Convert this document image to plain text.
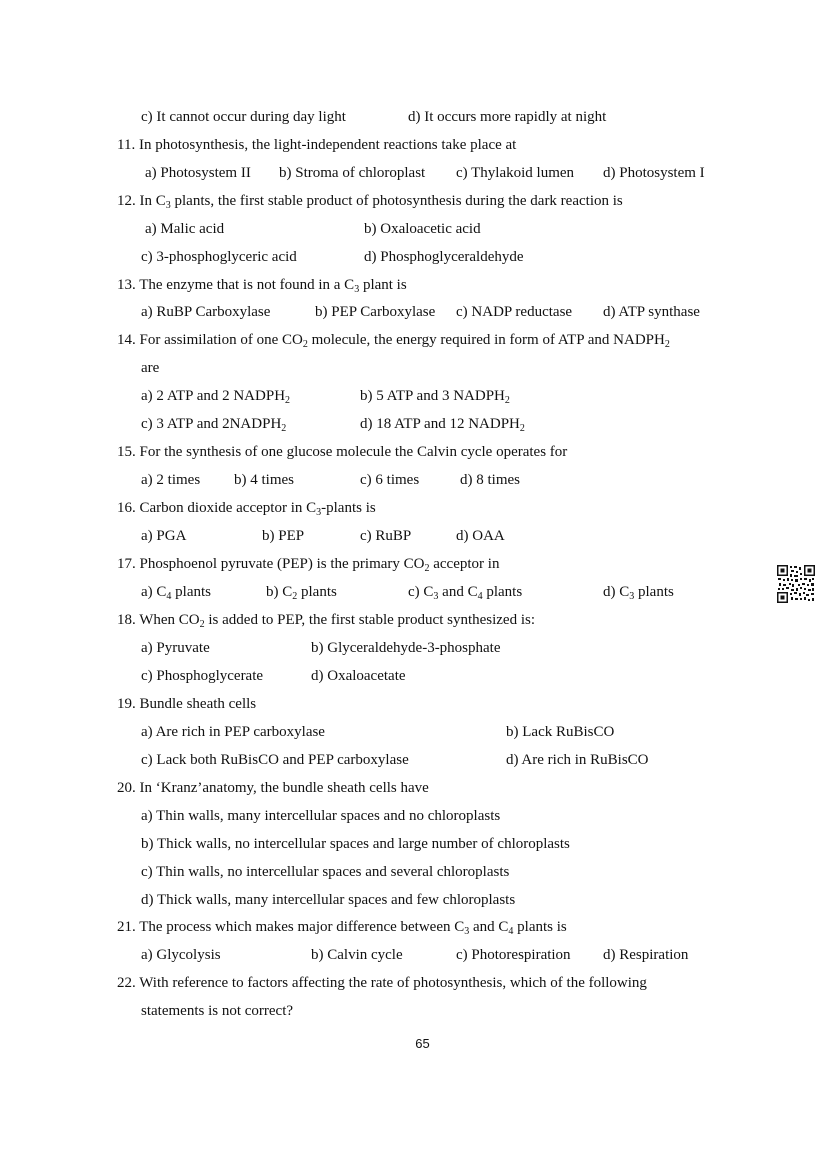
c) It cannot occur during day light	d) It occurs more rapidly at night
11. In photosynthesis, the light-independent reactions take place at
a) Photosystem II b) Stroma of chloroplast c) Thylakoid lumen d) Photosystem I
12. In $C_3$ plants, the first stable product of photosynthesis during the dark reaction is
a) Malic acid	b) Oxaloacetic acid
c) 3-phosphoglyceric acid	d) Phosphoglyceraldehyde
13. The enzyme that is not found in a $C_3$ plant is
a) RuBP Carboxylase	b) PEP Carboxylase c) NADP reductase d) ATP synthase
14. For assimilation of one $CO_2$ molecule, the energy required in form of ATP and $NADPH_2$
are
a) 2 ATP and 2 $NADPH_2$	b) 5 ATP and 3 $NADPH_2$
c) 3 ATP and $2NADPH_2$	d) 18 ATP and 12 $NADPH_2$
15. For the synthesis of one glucose molecule the Calvin cycle operates for
a) 2 times b) 4 times	c) 6 times	d) 8 times
16. Carbon dioxide acceptor in $C_3$-plants is
a) PGA	b) PEP	c) RuBP	d) OAA
17. Phosphoenol pyruvate (PEP) is the primary $CO_2$ acceptor in
a) $C_4$ plants	b) $C_2$ plants	c) $C_3$ and $C_4$ plants	d) $C_3$ plants
18. When $CO_2$ is added to PEP, the first stable product synthesized is:
a) Pyruvate	b) Glyceraldehyde-3-phosphate
c) Phosphoglycerate	d) Oxaloacetate
19. Bundle sheath cells
a) Are rich in PEP carboxylase	b) Lack RuBisCO
c) Lack both RuBisCO and PEP carboxylase	d) Are rich in RuBisCO
20. In ‘Kranz’anatomy, the bundle sheath cells have
a) Thin walls, many intercellular spaces and no chloroplasts
b) Thick walls, no intercellular spaces and large number of chloroplasts
c) Thin walls, no intercellular spaces and several chloroplasts
d) Thick walls, many intercellular spaces and few chloroplasts
21. The process which makes major difference between $C_3$ and $C_4$ plants is
a) Glycolysis	b) Calvin cycle	c) Photorespiration d) Respiration
22. With reference to factors affecting the rate of photosynthesis, which of the following
statements is not correct?
65
